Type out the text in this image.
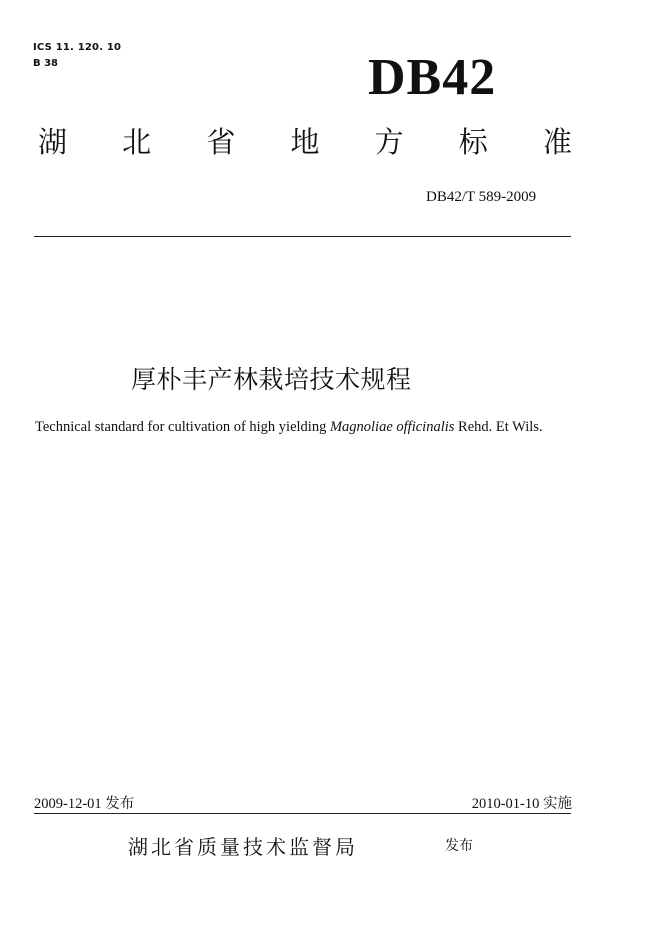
ICS 11. 120. 10
B 38	DB42
湖 北 省 地 方 标 准
DB42/T 589-2009
厚朴丰产林栽培技术规程
Technical standard for cultivation of high yielding Magnoliae officinalis Rehd. Et Wils.
2009-12-01 发布	2010-01-10 实施
湖北省质量技术监督局	发布
